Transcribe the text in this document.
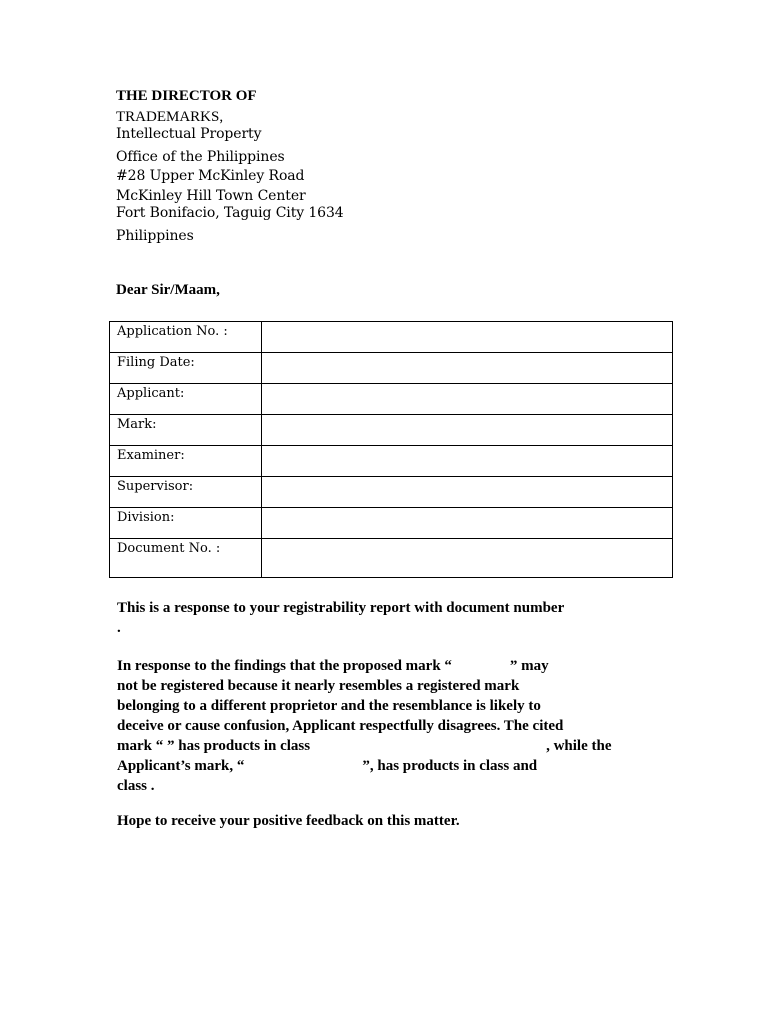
THE DIRECTOR OF
TRADEMARKS,
Intellectual Property
Office of the Philippines
#28 Upper McKinley Road
McKinley Hill Town Center
Fort Bonifacio, Taguig City 1634
Philippines
Dear Sir/Maam,
Application No. :	
Filing Date:	
Applicant:	
Mark:	
Examiner:	
Supervisor:	
Division:	
Document No. :	
This is a response to your registrability report with document number
.
In response to the findings that the proposed mark “	” may
not be registered because it nearly resembles a registered mark
belonging to a different proprietor and the resemblance is likely to
deceive or cause confusion, Applicant respectfully disagrees. The cited
mark “ ” has products in class	, while the
Applicant’s mark, “	”, has products in class and
class .
Hope to receive your positive feedback on this matter.
